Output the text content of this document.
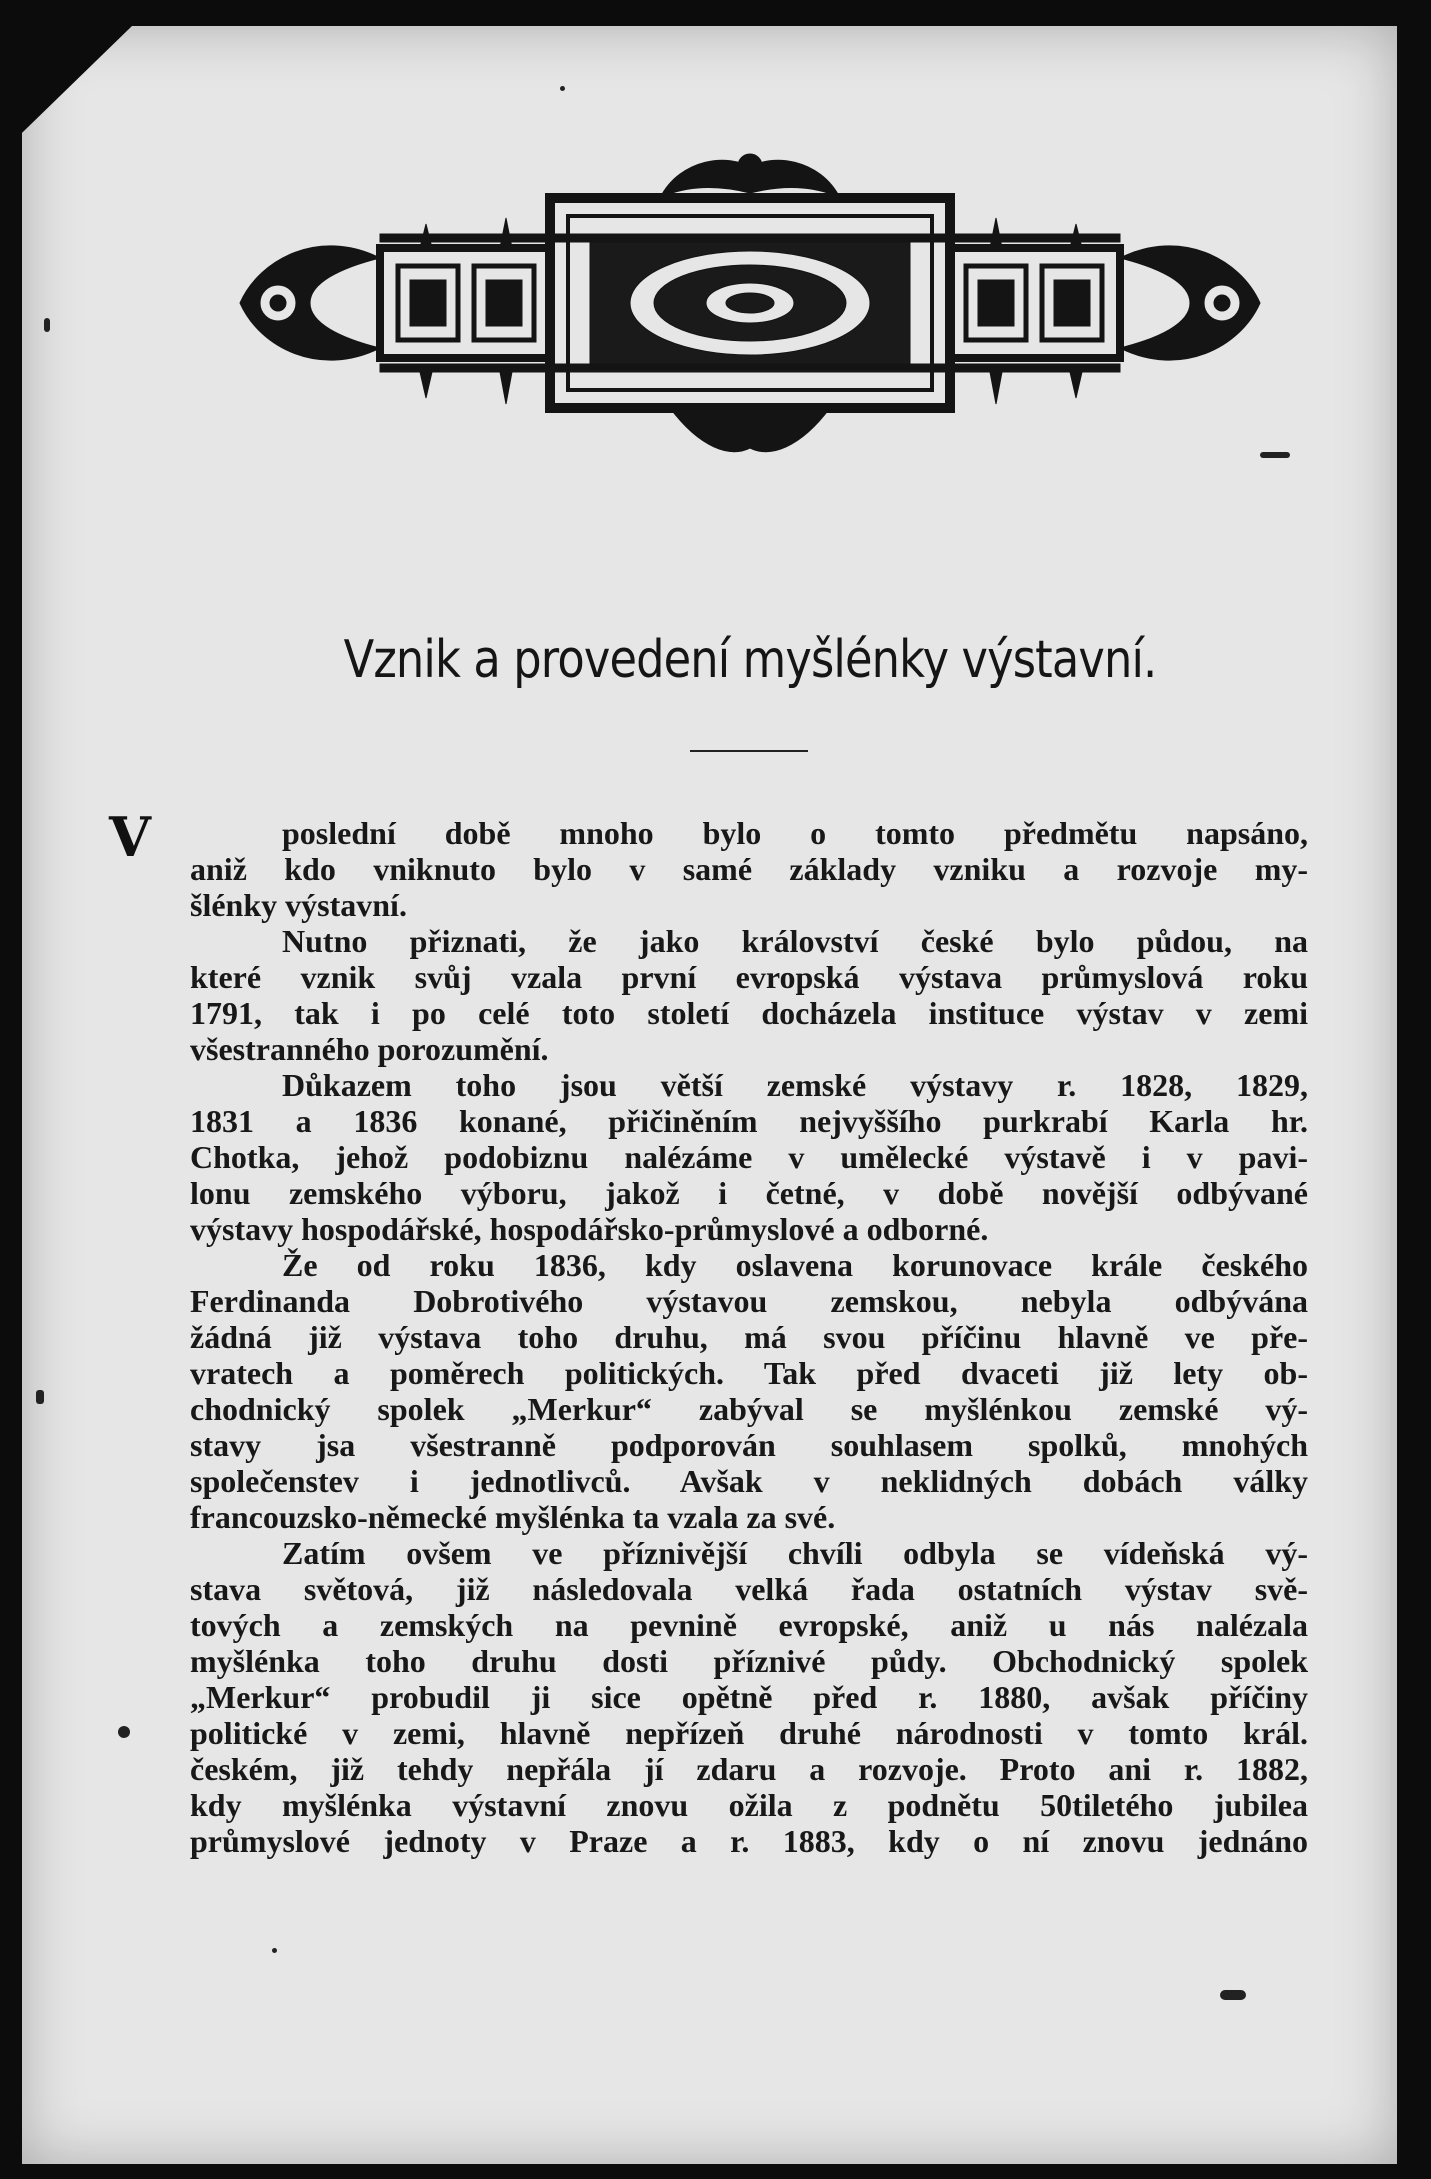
Vznik a provedení myšlénky výstavní.
V	poslední době mnoho bylo o tomto předmětu napsáno,
aniž kdo vniknuto bylo v samé základy vzniku a rozvoje my-
šlénky výstavní.
Nutno přiznati, že jako království české bylo půdou, na
které vznik svůj vzala první evropská výstava průmyslová roku
1791, tak i po celé toto století docházela instituce výstav v zemi
všestranného porozumění.
Důkazem toho jsou větší zemské výstavy r. 1828, 1829,
1831 a 1836 konané, přičiněním nejvyššího purkrabí Karla hr.
Chotka, jehož podobiznu nalézáme v umělecké výstavě i v pavi-
lonu zemského výboru, jakož i četné, v době novější odbývané
výstavy hospodářské, hospodářsko-průmyslové a odborné.
Že od roku 1836, kdy oslavena korunovace krále českého
Ferdinanda Dobrotivého výstavou zemskou, nebyla odbývána
žádná již výstava toho druhu, má svou příčinu hlavně ve pře-
vratech a poměrech politických. Tak před dvaceti již lety ob-
chodnický spolek „Merkur“ zabýval se myšlénkou zemské vý-
stavy jsa všestranně podporován souhlasem spolků, mnohých
společenstev i jednotlivců. Avšak v neklidných dobách války
francouzsko-německé myšlénka ta vzala za své.
Zatím ovšem ve příznivější chvíli odbyla se vídeňská vý-
stava světová, již následovala velká řada ostatních výstav svě-
tových a zemských na pevnině evropské, aniž u nás nalézala
myšlénka toho druhu dosti příznivé půdy. Obchodnický spolek
„Merkur“ probudil ji sice opětně před r. 1880, avšak příčiny
politické v zemi, hlavně nepřízeň druhé národnosti v tomto král.
českém, již tehdy nepřála jí zdaru a rozvoje. Proto ani r. 1882,
kdy myšlénka výstavní znovu ožila z podnětu 50tiletého jubilea
průmyslové jednoty v Praze a r. 1883, kdy o ní znovu jednáno
